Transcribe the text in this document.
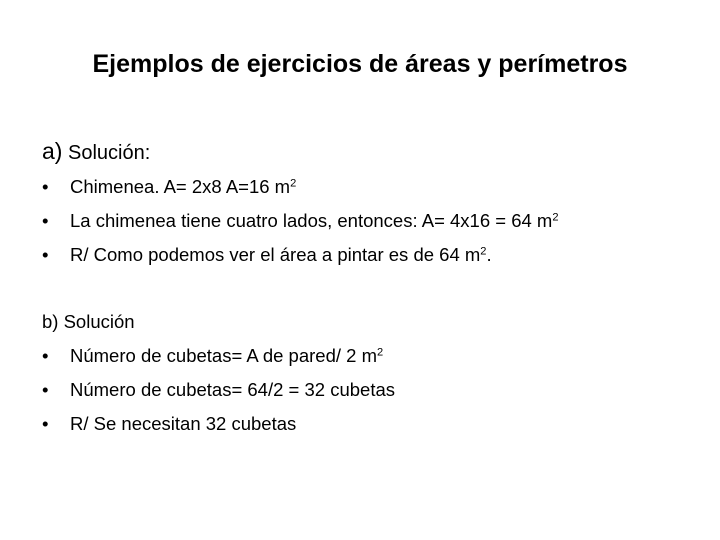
Ejemplos de ejercicios de áreas y perímetros
a) Solución:
• Chimenea. A= 2x8 A=16 $m^2$
• La chimenea tiene cuatro lados, entonces: A= 4x16 = 64 $m^2$
• R/ Como podemos ver el área a pintar es de 64 $m^2$.
b) Solución
• Número de cubetas= A de pared/ 2 $m^2$
• Número de cubetas= 64/2 = 32 cubetas
• R/ Se necesitan 32 cubetas
